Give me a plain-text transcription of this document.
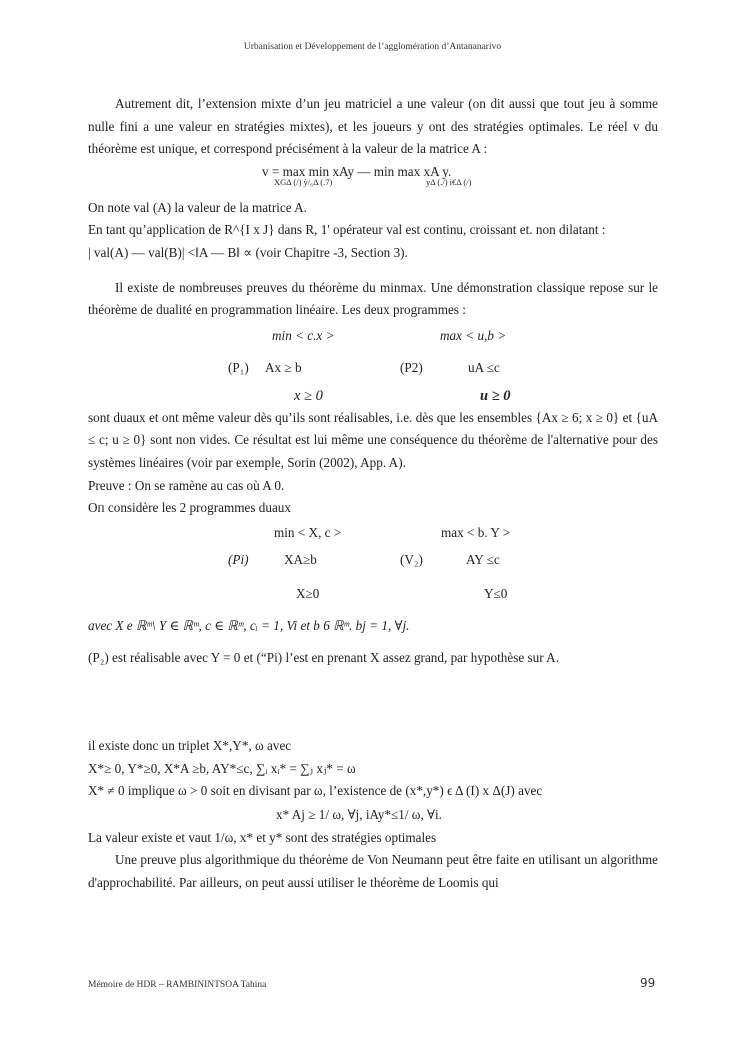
Urbanisation et Développement de l’agglomération d’Antananarivo

Autrement dit, l’extension mixte d’un jeu matriciel a une valeur (on dit aussi que tout jeu à somme nulle fini a une valeur en stratégies mixtes), et les joueurs y ont des stratégies optimales. Le réel v du théorème est unique, et correspond précisément à la valeur de la matrice A :

v = max min xAy — min max xA y.
XGΔ (/) ỳ/₆Δ (.7)	yΔ (./) i€Δ (/)

On note val (A) la valeur de la matrice A.

En tant qu’application de R^{I x J} dans R, 1' opérateur val est continu, croissant et. non dilatant :

| val(A) — val(B)| <‖A — B‖ ∝ (voir Chapitre -3, Section 3).

Il existe de nombreuses preuves du théorème du minmax. Une démonstration classique repose sur le théorème de dualité en programmation linéaire. Les deux programmes :

min < c.x >	max < u,b >
(P₁) Ax ≥ b	(P2)	uA ≤c
x ≥ 0	u ≥ 0

sont duaux et ont même valeur dès qu’ils sont réalisables, i.e. dès que les ensembles {Ax ≥ 6; x ≥ 0} et {uA ≤ c; u ≥ 0} sont non vides. Ce résultat est lui même une conséquence du théorème de l'alternative pour des systèmes linéaires (voir par exemple, Sorin (2002), App. A).

Preuve : On se ramène au cas où A 0.

Oп considère les 2 programmes duaux

min < X, c >	max < b. Y >
(Pi)	XA≥b	(V₂)	AY ≤c
X≥0	Y≤0

avec X e ℝᵐ\ Y ∈ ℝᵐ, c ∈ ℝᵐ, cᵢ = 1, Vi et b 6 ℝᵐ. bj = 1, ∀j.

(P₂) est réalisable avec Y = 0 et (“Pi) l’est en prenant X assez grand, par hypothèse sur A.

il existe donc un triplet X*,Y*, ω avec

X*≥ 0, Y*≥0, X*A ≥b, AY*≤c, ∑ᵢ xᵢ* = ∑ⱼ xⱼ* = ω

X* ≠ 0 implique ω > 0 soit en divisant par ω, l’existence de (x*,y*) ϵ Δ (I) x Δ(J) avec

x* Aj ≥ 1/ ω, ∀j, iAy*≤1/ ω, ∀i.

La valeur existe et vaut 1/ω, x* et y* sont des stratégies optimales

Une preuve plus algorithmique du théorème de Von Neumann peut être faite en utilisant un algorithme d'approchabilité. Par ailleurs, on peut aussi utiliser le théorème de Loomis qui

Mémoire de HDR – RAMBININTSOA Tahina	99
